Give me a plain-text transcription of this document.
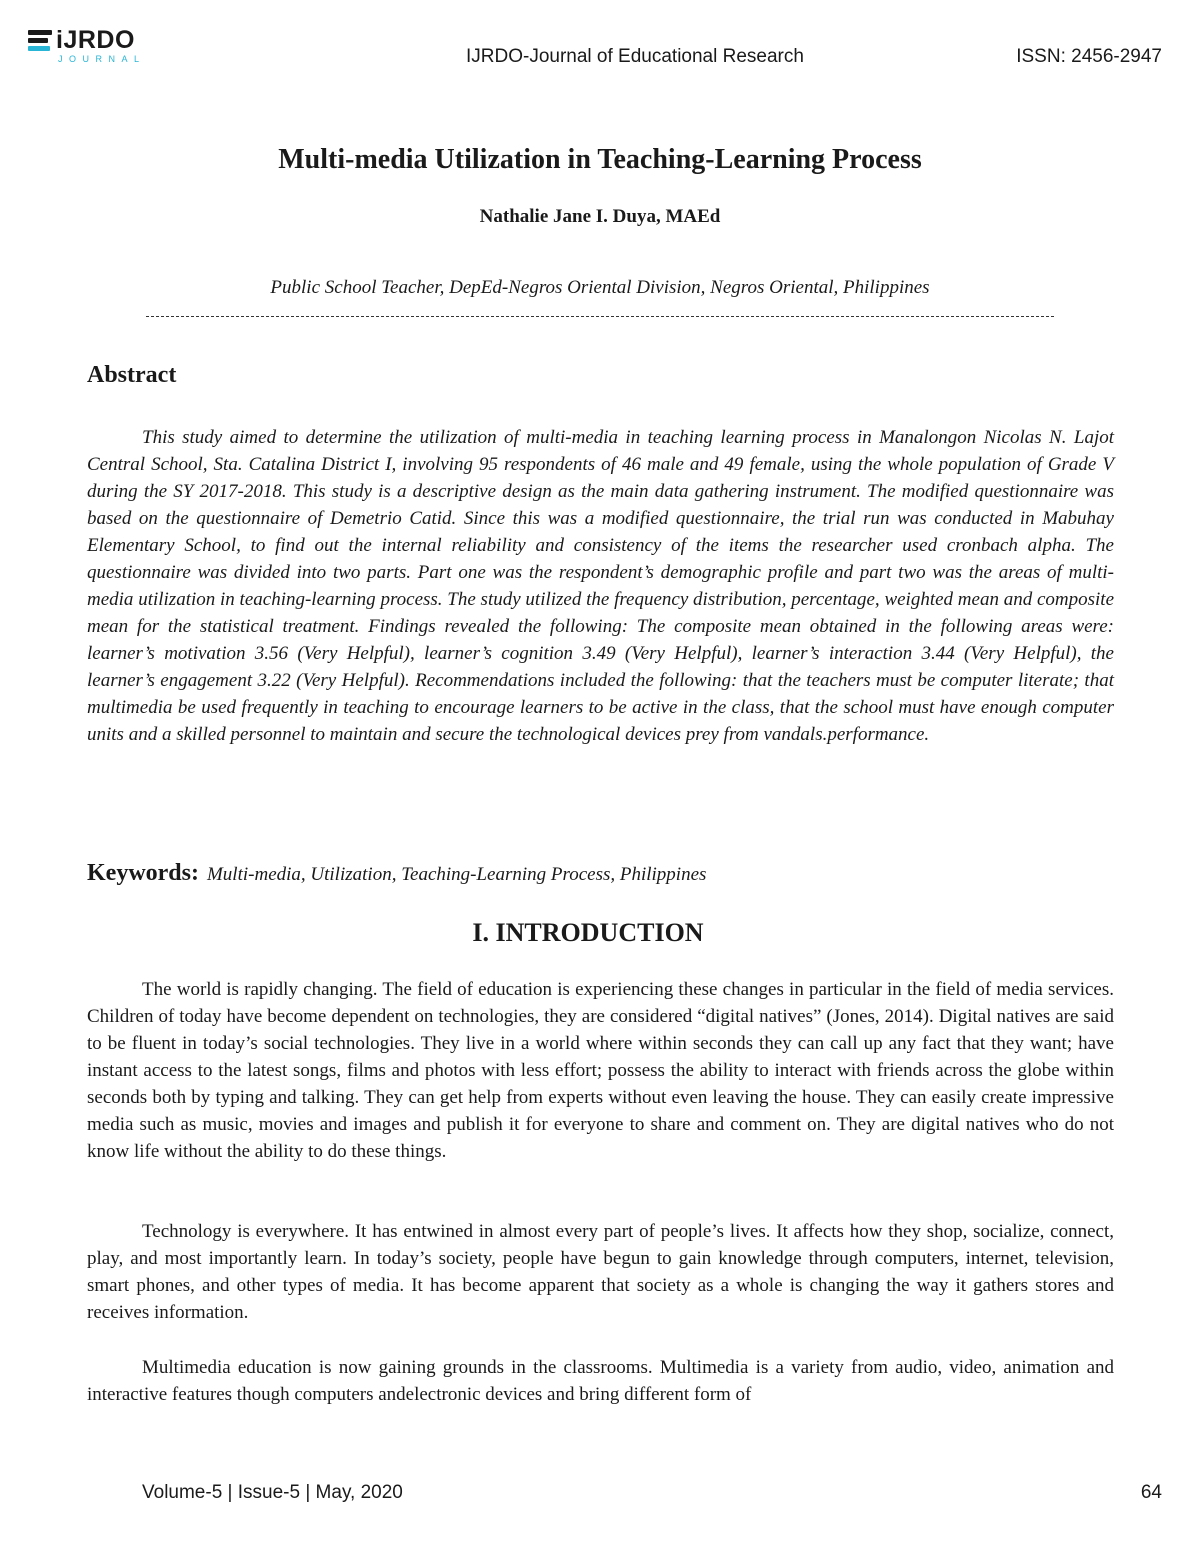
iJRDO
JOURNAL	IJRDO-Journal of Educational Research	ISSN: 2456-2947
Multi-media Utilization in Teaching-Learning Process
Nathalie Jane I. Duya, MAEd
Public School Teacher, DepEd-Negros Oriental Division, Negros Oriental, Philippines
Abstract

This study aimed to determine the utilization of multi-media in teaching learning process in Manalongon Nicolas N. Lajot Central School, Sta. Catalina District I, involving 95 respondents of 46 male and 49 female, using the whole population of Grade V during the SY 2017-2018. This study is a descriptive design as the main data gathering instrument. The modified questionnaire was based on the questionnaire of Demetrio Catid. Since this was a modified questionnaire, the trial run was conducted in Mabuhay Elementary School, to find out the internal reliability and consistency of the items the researcher used cronbach alpha. The questionnaire was divided into two parts. Part one was the respondent’s demographic profile and part two was the areas of multi-media utilization in teaching-learning process. The study utilized the frequency distribution, percentage, weighted mean and composite mean for the statistical treatment. Findings revealed the following: The composite mean obtained in the following areas were: learner’s motivation 3.56 (Very Helpful), learner’s cognition 3.49 (Very Helpful), learner’s interaction 3.44 (Very Helpful), the learner’s engagement 3.22 (Very Helpful). Recommendations included the following: that the teachers must be computer literate; that multimedia be used frequently in teaching to encourage learners to be active in the class, that the school must have enough computer units and a skilled personnel to maintain and secure the technological devices prey from vandals.performance.

Keywords: Multi-media, Utilization, Teaching-Learning Process, Philippines
I. INTRODUCTION

The world is rapidly changing. The field of education is experiencing these changes in particular in the field of media services. Children of today have become dependent on technologies, they are considered “digital natives” (Jones, 2014). Digital natives are said to be fluent in today’s social technologies. They live in a world where within seconds they can call up any fact that they want; have instant access to the latest songs, films and photos with less effort; possess the ability to interact with friends across the globe within seconds both by typing and talking. They can get help from experts without even leaving the house. They can easily create impressive media such as music, movies and images and publish it for everyone to share and comment on. They are digital natives who do not know life without the ability to do these things.

Technology is everywhere. It has entwined in almost every part of people’s lives. It affects how they shop, socialize, connect, play, and most importantly learn. In today’s society, people have begun to gain knowledge through computers, internet, television, smart phones, and other types of media. It has become apparent that society as a whole is changing the way it gathers stores and receives information.

Multimedia education is now gaining grounds in the classrooms. Multimedia is a variety from audio, video, animation and interactive features though computers andelectronic devices and bring different form of

Volume-5 | Issue-5 | May, 2020	64
